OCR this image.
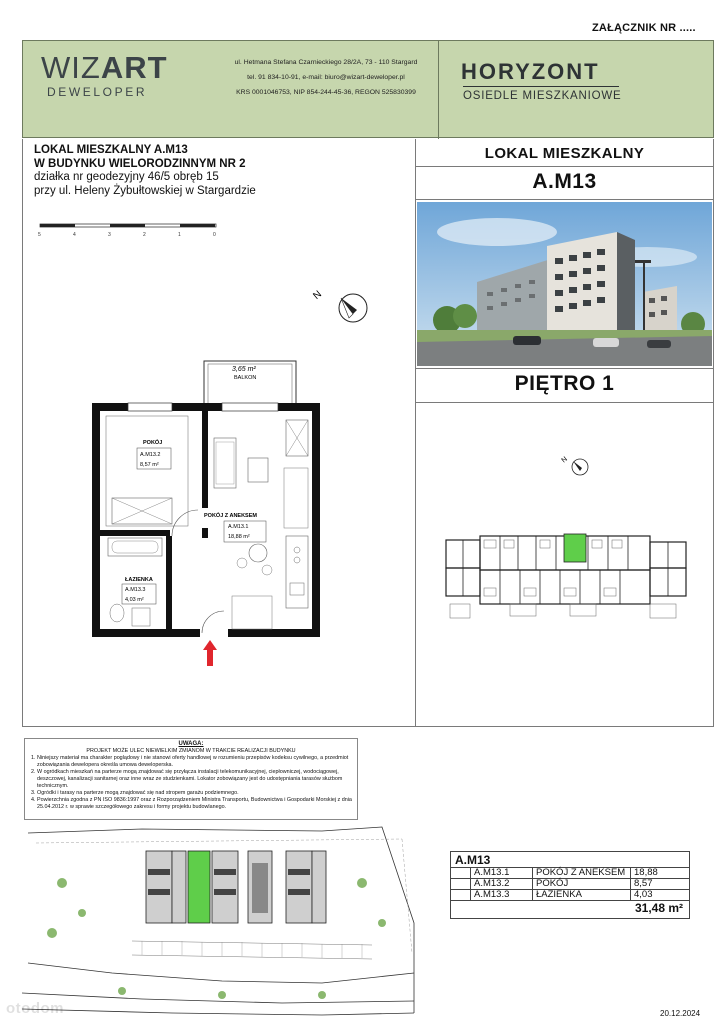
ZAŁĄCZNIK NR .....
WIZART
DEWELOPER
ul. Hetmana Stefana Czarnieckiego 28/2A, 73 - 110 Stargard
tel. 91 834-10-91, e-mail: biuro@wizart-deweloper.pl
KRS 0001046753, NIP 854-244-45-36, REGON 525830399
HORYZONT
OSIEDLE MIESZKANIOWE
LOKAL MIESZKALNY A.M13
W BUDYNKU WIELORODZINNYM NR 2
działka nr geodezyjny 46/5 obręb 15
przy ul. Heleny Żybułtowskiej w Stargardzie
5	4	3	2	1	0
N
3,65 m²
BALKON
POKÓJ
A.M13.2
8,57 m²
POKÓJ Z ANEKSEM
A.M13.1
18,88 m²
ŁAZIENKA
A.M13.3
4,03 m²
LOKAL MIESZKALNY
A.M13
PIĘTRO 1
N
UWAGA:
PROJEKT MOŻE ULEC NIEWIELKIM ZMIANOM W TRAKCIE REALIZACJI BUDYNKU
1. Niniejszy materiał ma charakter poglądowy i nie stanowi oferty handlowej w rozumieniu przepisów kodeksu cywilnego, a przedmiot zobowiązania dewelopera określa umowa deweloperska.
2. W ogródkach mieszkań na parterze mogą znajdować się przyłącza instalacji telekomunikacyjnej, ciepłowniczej, wodociągowej, deszczowej, kanalizacji sanitarnej oraz inne wraz ze studzienkami. Lokator zobowiązany jest do udostępniania tarasów służbom technicznym.
3. Ogródki i tarasy na parterze mogą znajdować się nad stropem garażu podziemnego.
4. Powierzchnia zgodna z PN ISO 9836:1997 oraz z Rozporządzeniem Ministra Transportu, Budownictwa i Gospodarki Morskiej z dnia 25.04.2012 r. w sprawie szczegółowego zakresu i formy projektu budowlanego.
A.M13
	A.M13.1	POKÓJ Z ANEKSEM	18,88
	A.M13.2	POKÓJ	8,57
	A.M13.3	ŁAZIENKA	4,03
31,48 m²
20.12.2024
otodom
